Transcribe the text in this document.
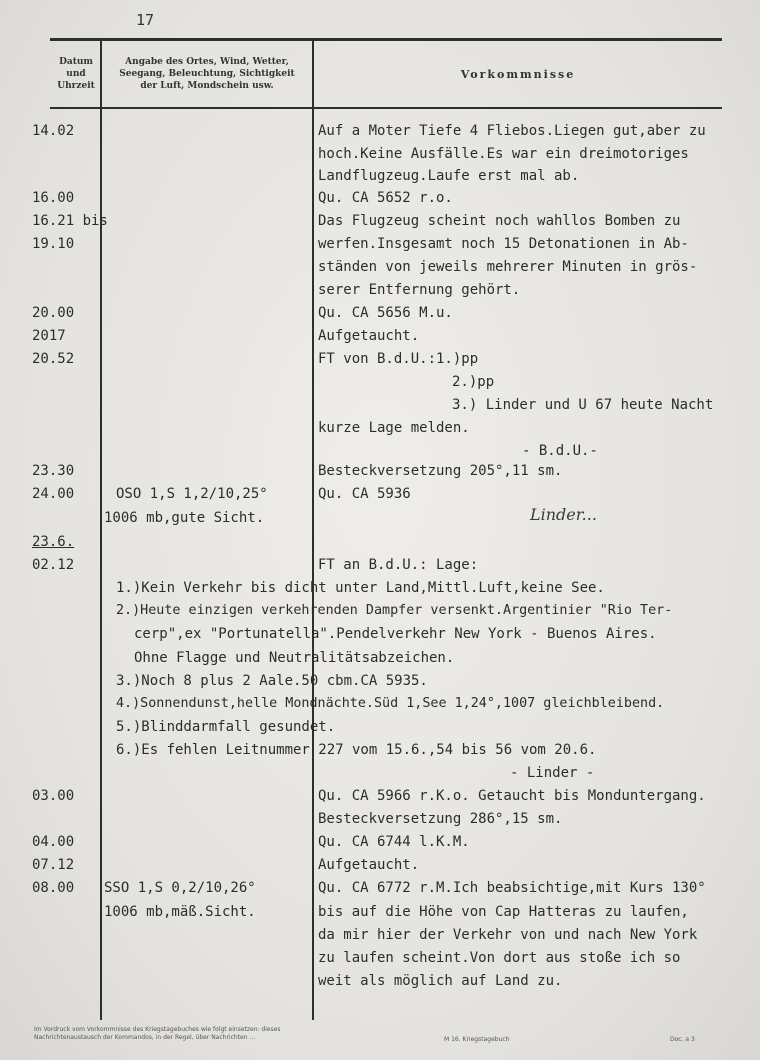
17
Datum
und
Uhrzeit
Angabe des Ortes, Wind, Wetter,
Seegang, Beleuchtung, Sichtigkeit
der Luft, Mondschein usw.
Vorkommnisse
14.02
16.00
16.21 bis
19.10
20.00
2017
20.52
23.30
24.00
23.6.
02.12
03.00
04.00
07.12
08.00
OSO 1,S 1,2/10,25°
1006 mb,gute Sicht.
SSO 1,S 0,2/10,26°
1006 mb,mäß.Sicht.
Auf a Moter Tiefe 4 Fliebos.Liegen gut,aber zu
hoch.Keine Ausfälle.Es war ein dreimotoriges
Landflugzeug.Laufe erst mal ab.
Qu. CA 5652 r.o.
Das Flugzeug scheint noch wahllos Bomben zu
werfen.Insgesamt noch 15 Detonationen in Ab-
ständen von jeweils mehrerer Minuten in grös-
serer Entfernung gehört.
Qu. CA 5656 M.u.
Aufgetaucht.
FT von B.d.U.:1.)pp
2.)pp
3.) Linder und U 67 heute Nacht
kurze Lage melden.
- B.d.U.-
Besteckversetzung 205°,11 sm.
Qu. CA 5936
Linder...
FT an B.d.U.: Lage:
1.)Kein Verkehr bis dicht unter Land,Mittl.Luft,keine See.
2.)Heute einzigen verkehrenden Dampfer versenkt.Argentinier "Rio Ter-
cerp",ex "Portunatella".Pendelverkehr New York - Buenos Aires.
Ohne Flagge und Neutralitätsabzeichen.
3.)Noch 8 plus 2 Aale.50 cbm.CA 5935.
4.)Sonnendunst,helle Mondnächte.Süd 1,See 1,24°,1007 gleichbleibend.
5.)Blinddarmfall gesundet.
6.)Es fehlen Leitnummer 227 vom 15.6.,54 bis 56 vom 20.6.
- Linder -
Qu. CA 5966 r.K.o. Getaucht bis Monduntergang.
Besteckversetzung 286°,15 sm.
Qu. CA 6744 l.K.M.
Aufgetaucht.
Qu. CA 6772 r.M.Ich beabsichtige,mit Kurs 130°
bis auf die Höhe von Cap Hatteras zu laufen,
da mir hier der Verkehr von und nach New York
zu laufen scheint.Von dort aus stoße ich so
weit als möglich auf Land zu.
Im Vordruck vom Vorkommnisse des Kriegstagebuches wie folgt einsetzen: dieses
Nachrichtenaustausch der Kommandos, in der Regel, über Nachrichten ...	M 16. Kriegstagebuch	Doc. a 3
